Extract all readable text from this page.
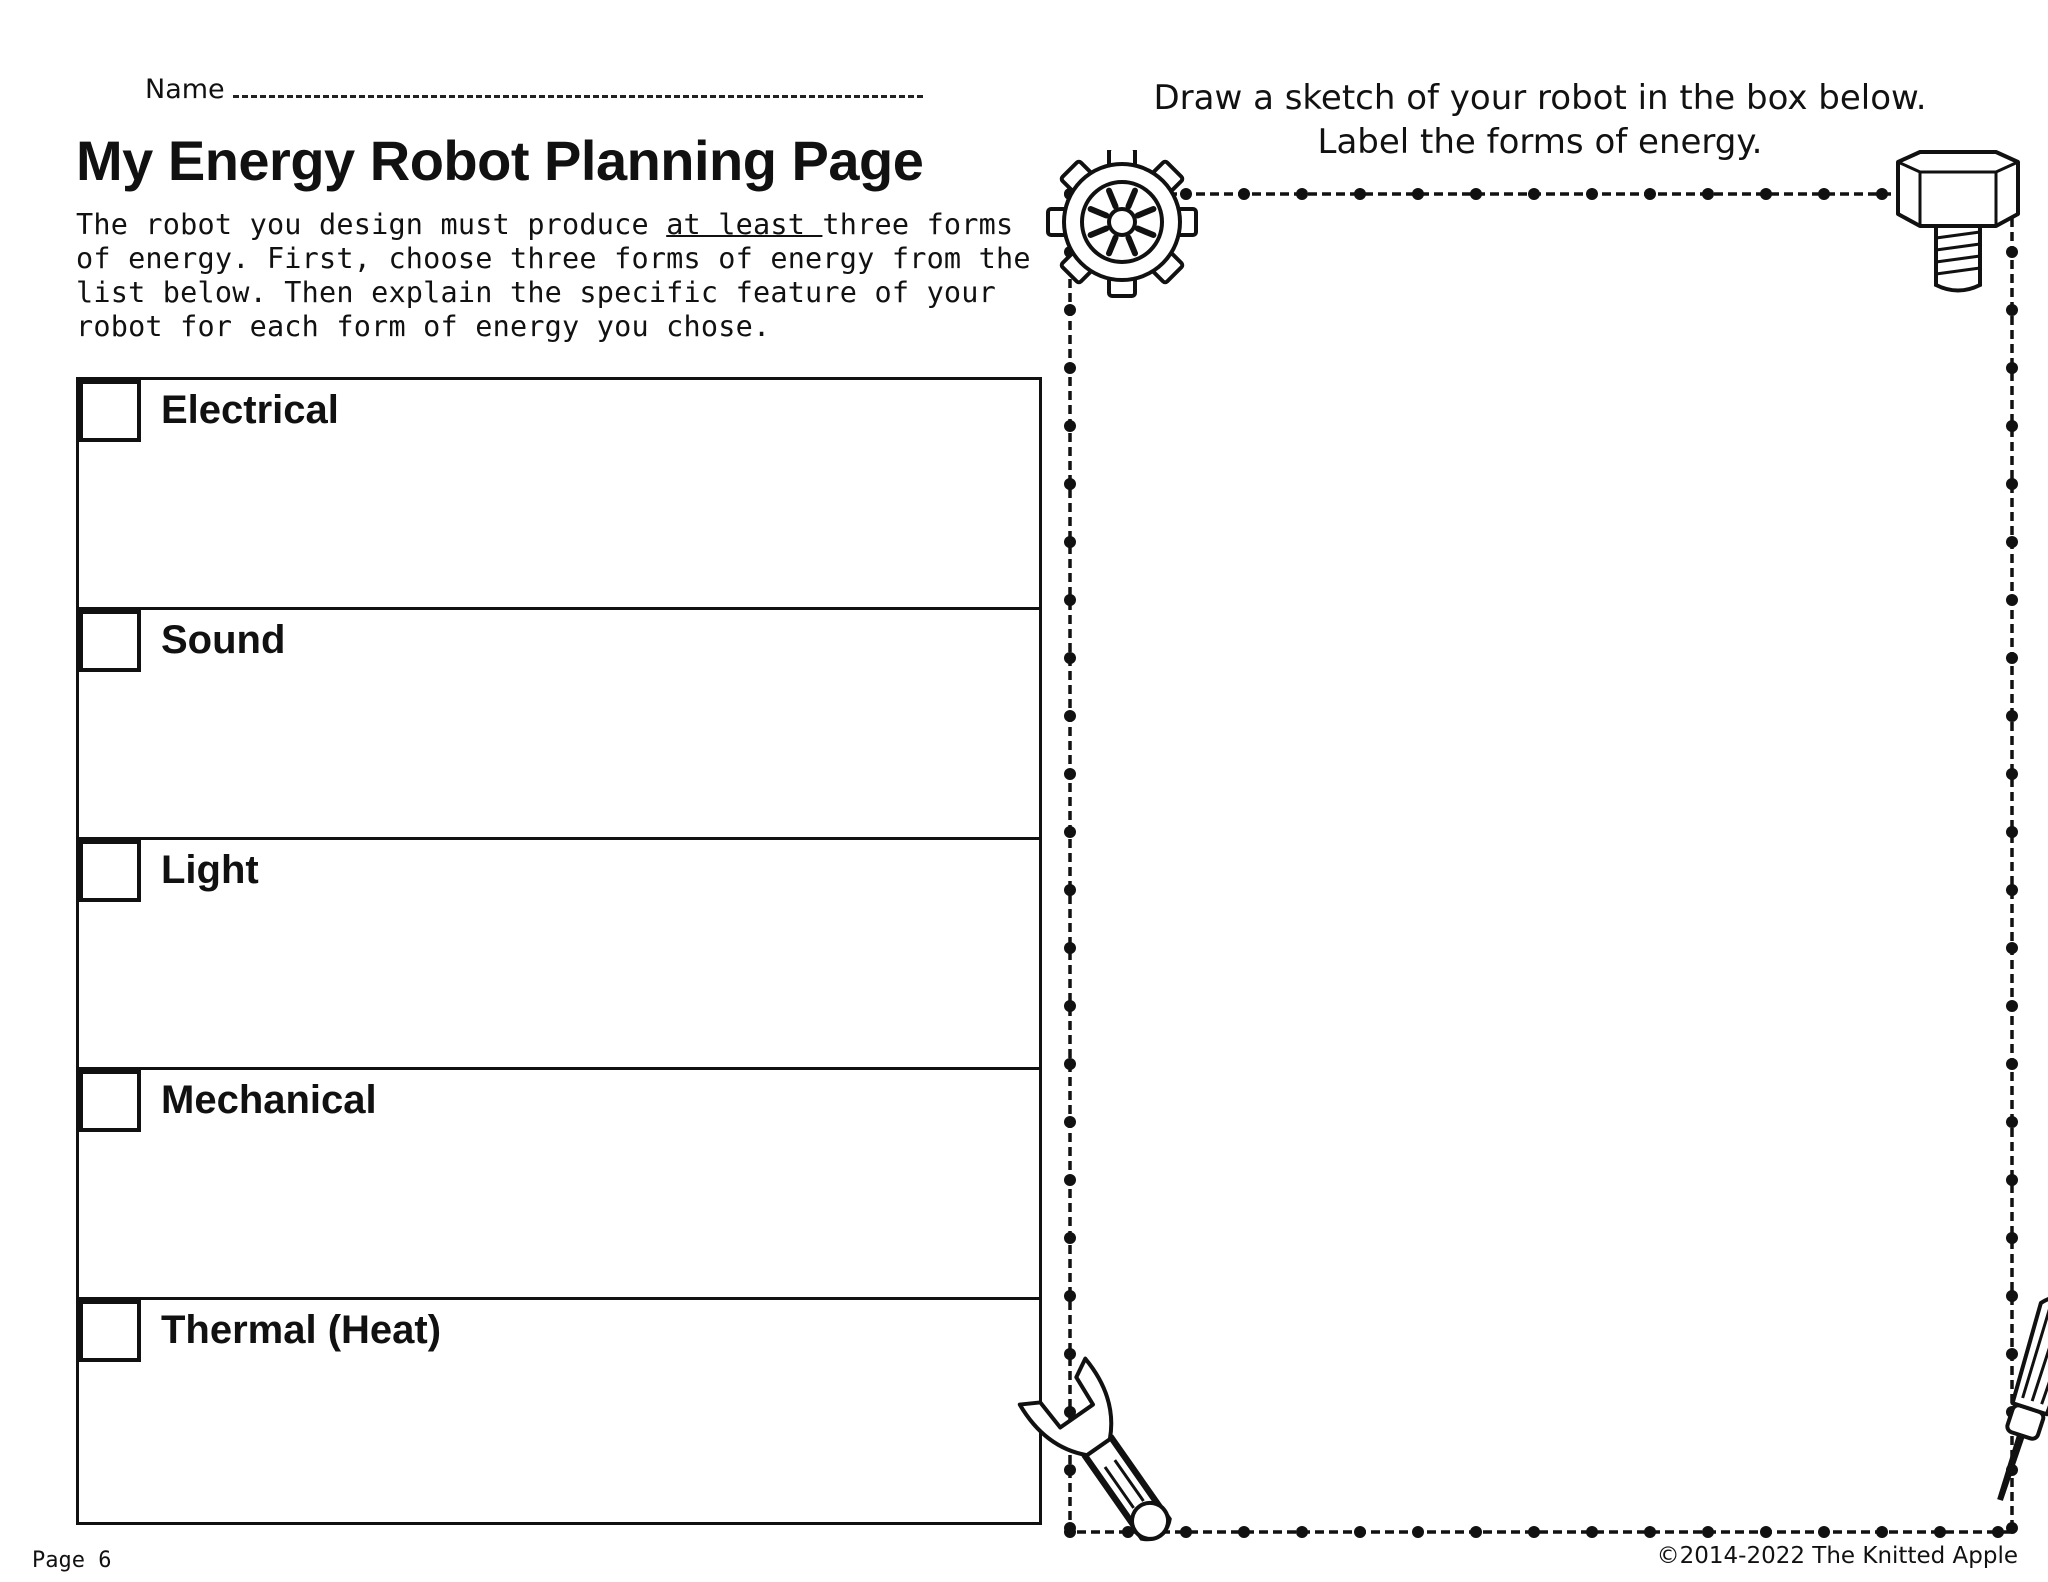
Name
My Energy Robot Planning Page
The robot you design must produce at least three forms of energy. First, choose three forms of energy from the list below. Then explain the specific feature of your robot for each form of energy you chose.
Electrical
Sound
Light
Mechanical
Thermal (Heat)
Draw a sketch of your robot in the box below.
Label the forms of energy.
Page 6	©2014-2022 The Knitted Apple
